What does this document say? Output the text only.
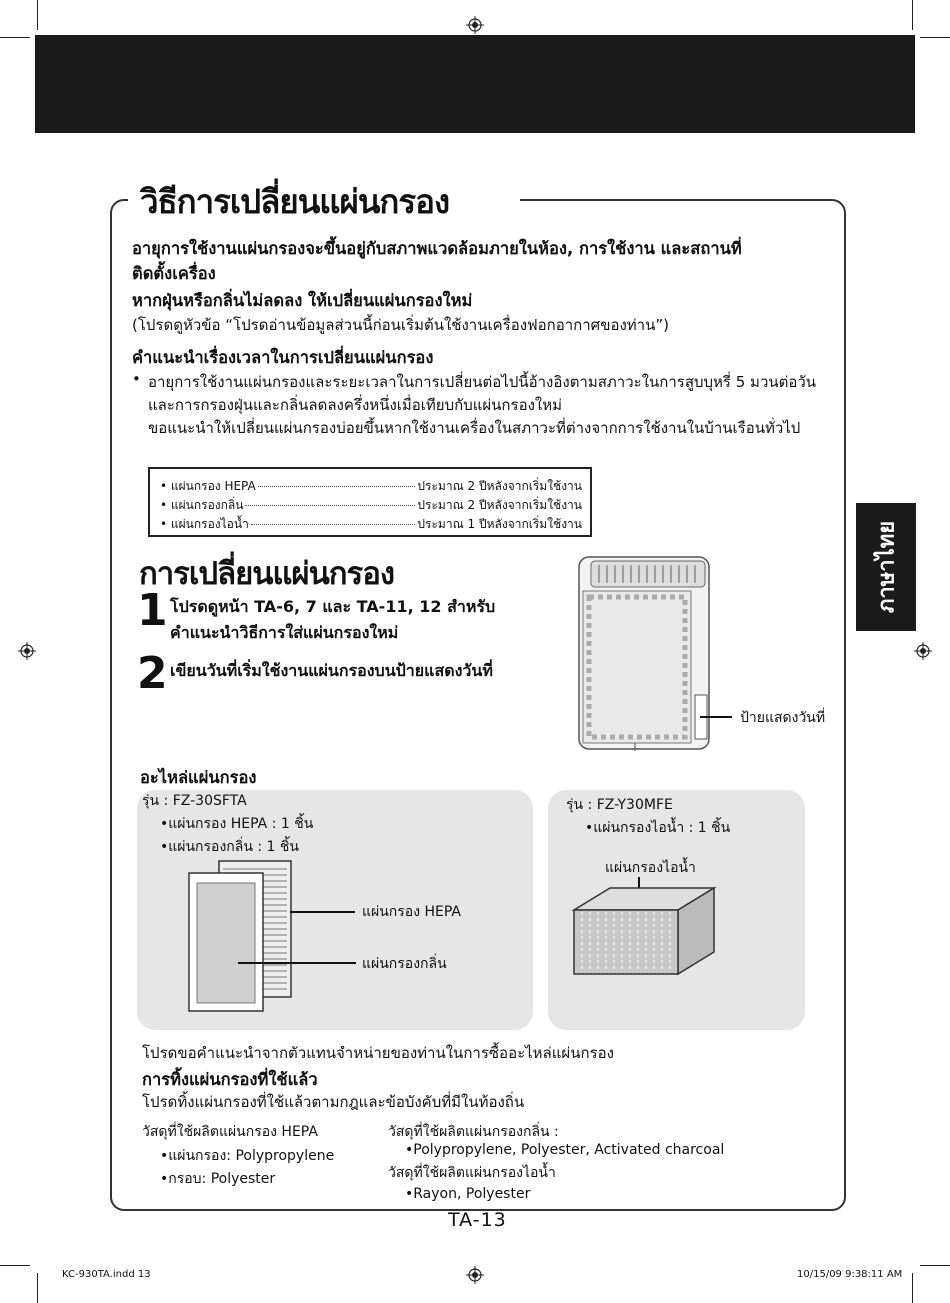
วิธีการเปลี่ยนแผ่นกรอง
อายุการใช้งานแผ่นกรองจะขึ้นอยู่กับสภาพแวดล้อมภายในห้อง, การใช้งาน และสถานที่
ติดตั้งเครื่อง
หากฝุ่นหรือกลิ่นไม่ลดลง ให้เปลี่ยนแผ่นกรองใหม่
(โปรดดูหัวข้อ “โปรดอ่านข้อมูลส่วนนี้ก่อนเริ่มต้นใช้งานเครื่องฟอกอากาศของท่าน”)
คำแนะนำเรื่องเวลาในการเปลี่ยนแผ่นกรอง
• อายุการใช้งานแผ่นกรองและระยะเวลาในการเปลี่ยนต่อไปนี้อ้างอิงตามสภาวะในการสูบบุหรี่ 5 มวนต่อวัน
และการกรองฝุ่นและกลิ่นลดลงครึ่งหนึ่งเมื่อเทียบกับแผ่นกรองใหม่
ขอแนะนำให้เปลี่ยนแผ่นกรองบ่อยขึ้นหากใช้งานเครื่องในสภาวะที่ต่างจากการใช้งานในบ้านเรือนทั่วไป
• แผ่นกรอง HEPA	ประมาณ 2 ปีหลังจากเริ่มใช้งาน
• แผ่นกรองกลิ่น	ประมาณ 2 ปีหลังจากเริ่มใช้งาน
• แผ่นกรองไอน้ำ	ประมาณ 1 ปีหลังจากเริ่มใช้งาน	ภาษาไทย
การเปลี่ยนแผ่นกรอง
1 โปรดดูหน้า TA-6, 7 และ TA-11, 12 สำหรับ
คำแนะนำวิธีการใส่แผ่นกรองใหม่
2 เขียนวันที่เริ่มใช้งานแผ่นกรองบนป้ายแสดงวันที่
ป้ายแสดงวันที่
อะไหล่แผ่นกรอง
รุ่น : FZ-30SFTA
•แผ่นกรอง HEPA : 1 ชิ้น
•แผ่นกรองกลิ่น : 1 ชิ้น
แผ่นกรอง HEPA
แผ่นกรองกลิ่น
รุ่น : FZ-Y30MFE
•แผ่นกรองไอน้ำ : 1 ชิ้น
แผ่นกรองไอน้ำ
โปรดขอคำแนะนำจากตัวแทนจำหน่ายของท่านในการซื้ออะไหล่แผ่นกรอง
การทิ้งแผ่นกรองที่ใช้แล้ว
โปรดทิ้งแผ่นกรองที่ใช้แล้วตามกฎและข้อบังคับที่มีในท้องถิ่น
วัสดุที่ใช้ผลิตแผ่นกรอง HEPA
•แผ่นกรอง: Polypropylene
•กรอบ: Polyester
วัสดุที่ใช้ผลิตแผ่นกรองกลิ่น :
•Polypropylene, Polyester, Activated charcoal
วัสดุที่ใช้ผลิตแผ่นกรองไอน้ำ
•Rayon, Polyester
TA-13
KC-930TA.indd 13	10/15/09 9:38:11 AM
